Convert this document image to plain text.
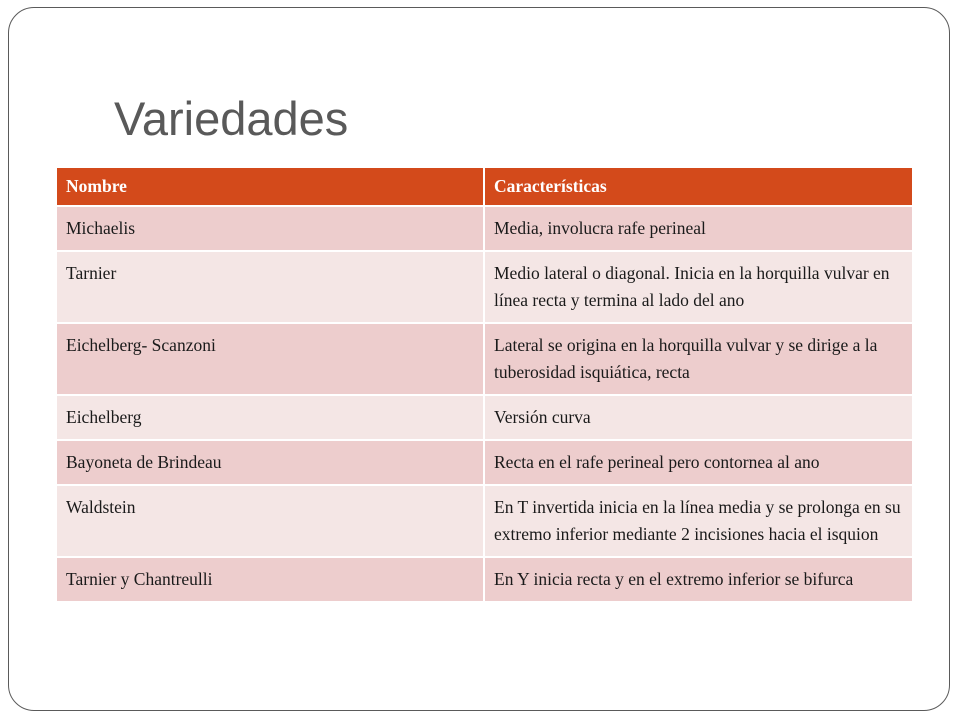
Variedades
Nombre	Características
Michaelis	Media, involucra rafe perineal
Tarnier	Medio lateral o diagonal. Inicia en la horquilla vulvar en línea recta y termina al lado del ano
Eichelberg- Scanzoni	Lateral se origina en la horquilla vulvar y se dirige a la tuberosidad isquiática, recta
Eichelberg	Versión curva
Bayoneta de Brindeau	Recta en el rafe perineal pero contornea al ano
Waldstein	En T invertida inicia en la línea media y se prolonga en su extremo inferior mediante 2 incisiones hacia el isquion
Tarnier y Chantreulli	En Y inicia recta y en el extremo inferior se bifurca
